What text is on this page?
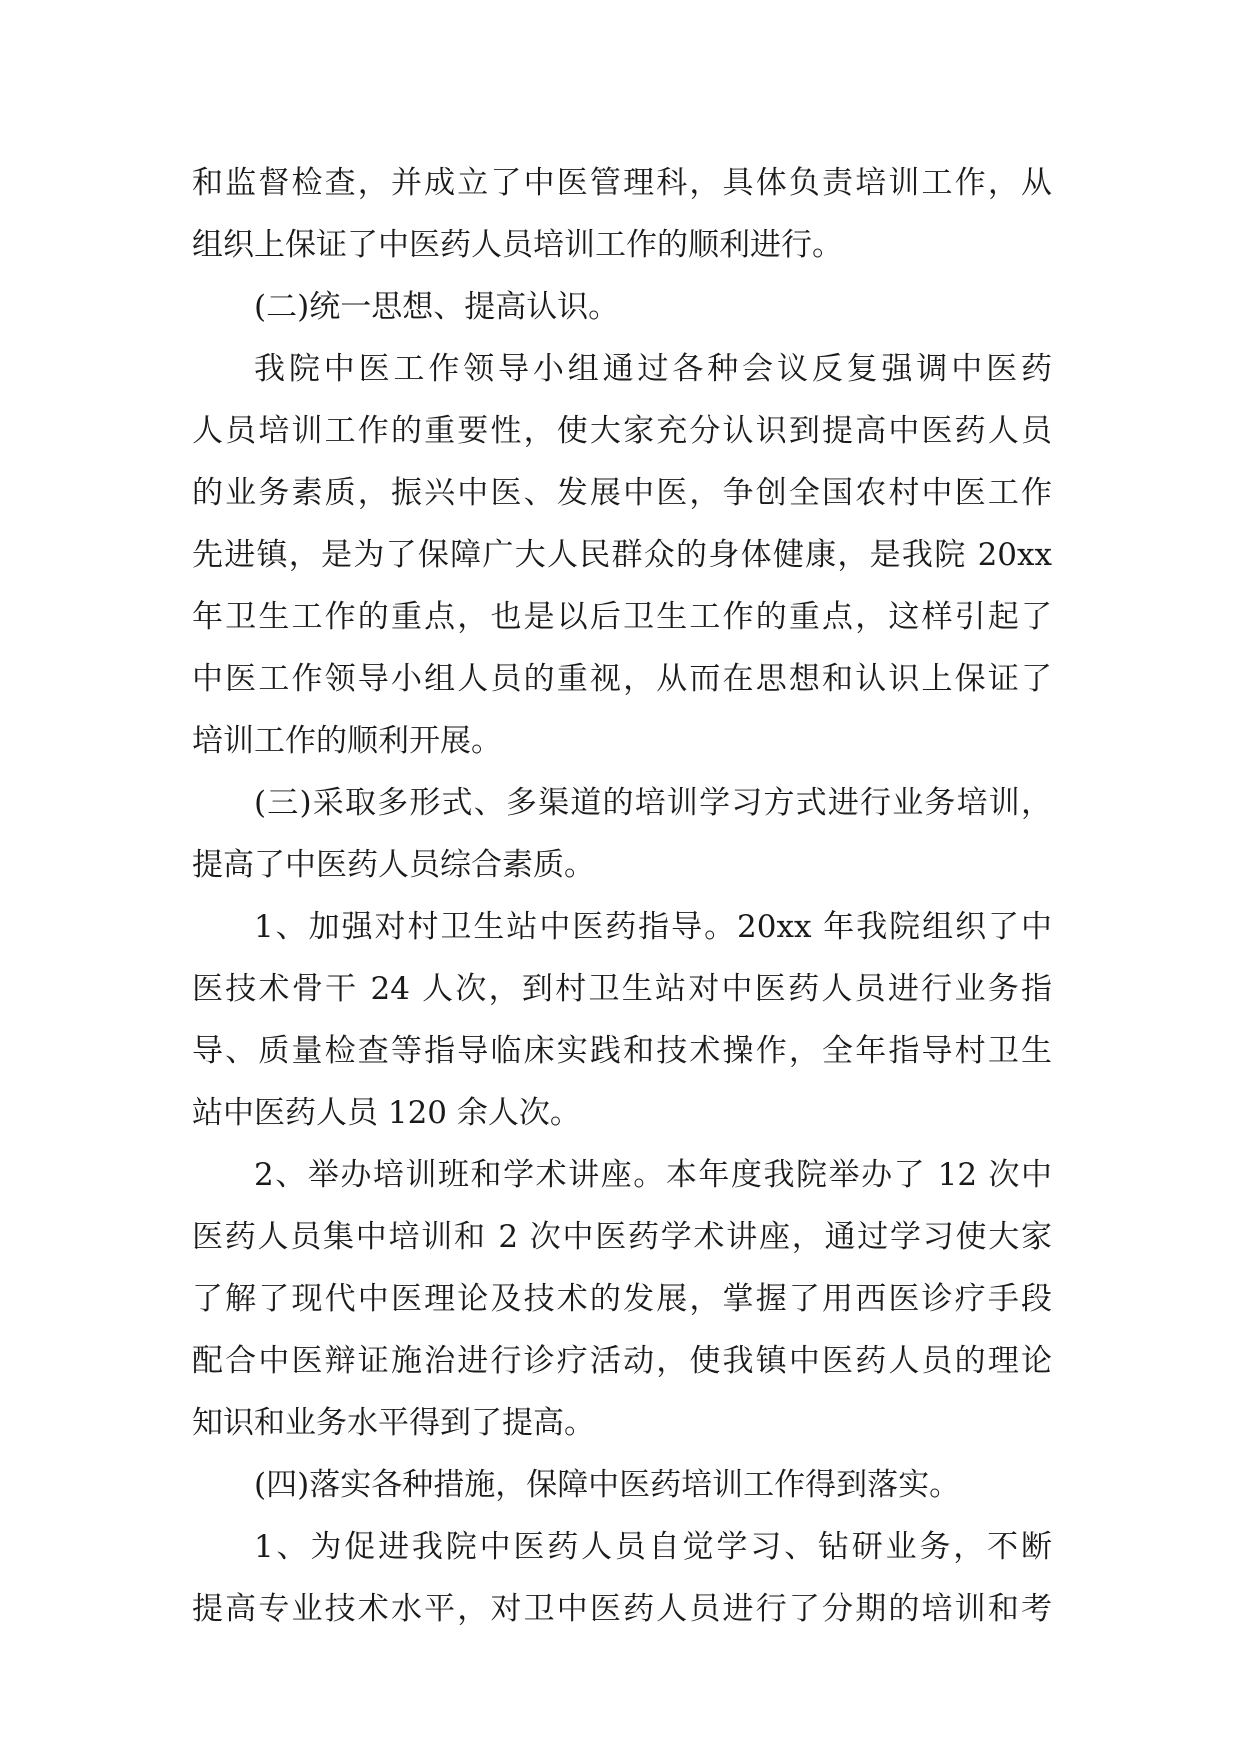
和监督检查，并成立了中医管理科，具体负责培训工作，从
组织上保证了中医药人员培训工作的顺利进行。
(二)统一思想、提高认识。
我院中医工作领导小组通过各种会议反复强调中医药
人员培训工作的重要性，使大家充分认识到提高中医药人员
的业务素质，振兴中医、发展中医，争创全国农村中医工作
先进镇，是为了保障广大人民群众的身体健康，是我院 20xx
年卫生工作的重点，也是以后卫生工作的重点，这样引起了
中医工作领导小组人员的重视，从而在思想和认识上保证了
培训工作的顺利开展。
(三)采取多形式、多渠道的培训学习方式进行业务培训，
提高了中医药人员综合素质。
1、加强对村卫生站中医药指导。20xx 年我院组织了中
医技术骨干 24 人次，到村卫生站对中医药人员进行业务指
导、质量检查等指导临床实践和技术操作，全年指导村卫生
站中医药人员 120 余人次。
2、举办培训班和学术讲座。本年度我院举办了 12 次中
医药人员集中培训和 2 次中医药学术讲座，通过学习使大家
了解了现代中医理论及技术的发展，掌握了用西医诊疗手段
配合中医辩证施治进行诊疗活动，使我镇中医药人员的理论
知识和业务水平得到了提高。
(四)落实各种措施，保障中医药培训工作得到落实。
1、为促进我院中医药人员自觉学习、钻研业务，不断
提高专业技术水平，对卫中医药人员进行了分期的培训和考
